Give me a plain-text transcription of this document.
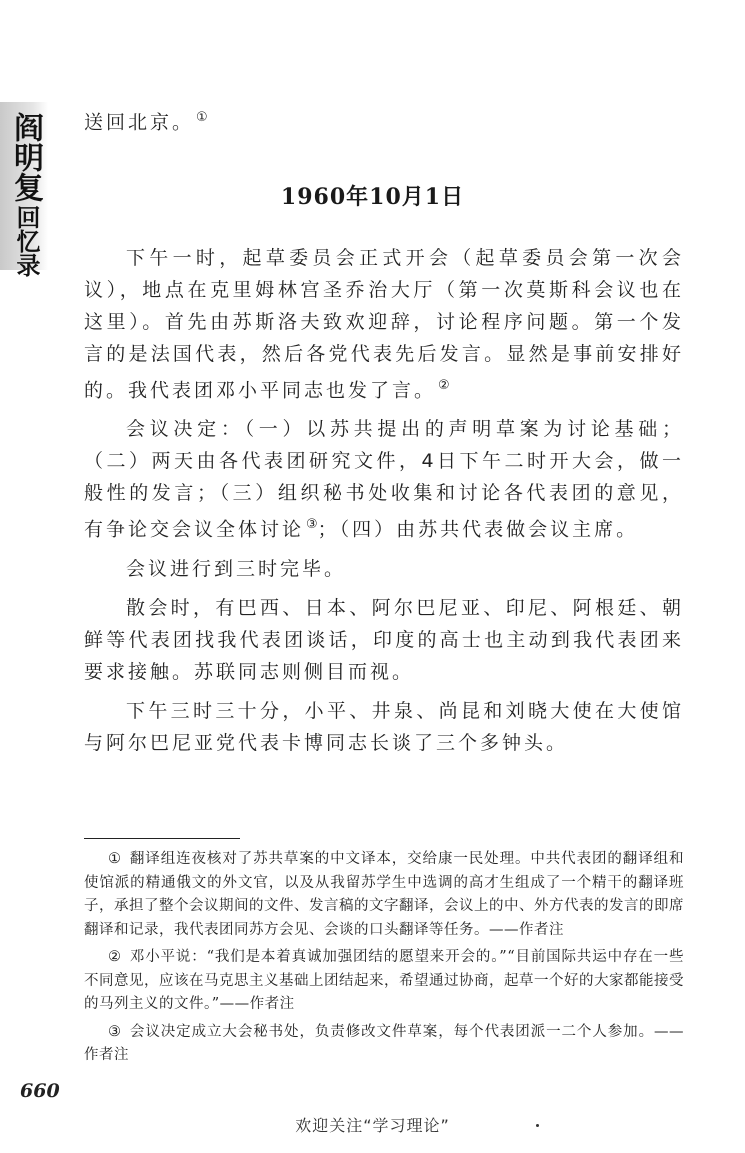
阎明复
回忆录
送回北京。 ①
1960年10月1日

下午一时，起草委员会正式开会（起草委员会第一次会议），地点在克里姆林宫圣乔治大厅（第一次莫斯科会议也在这里）。首先由苏斯洛夫致欢迎辞，讨论程序问题。第一个发言的是法国代表，然后各党代表先后发言。显然是事前安排好的。我代表团邓小平同志也发了言。 ②

会议决定：（一）以苏共提出的声明草案为讨论基础；（二）两天由各代表团研究文件，4日下午二时开大会，做一般性的发言；（三）组织秘书处收集和讨论各代表团的意见，有争论交会议全体讨论 ③；（四）由苏共代表做会议主席。

会议进行到三时完毕。

散会时，有巴西、日本、阿尔巴尼亚、印尼、阿根廷、朝鲜等代表团找我代表团谈话，印度的高士也主动到我代表团来要求接触。苏联同志则侧目而视。

下午三时三十分，小平、井泉、尚昆和刘晓大使在大使馆与阿尔巴尼亚党代表卡博同志长谈了三个多钟头。

① 翻译组连夜核对了苏共草案的中文译本，交给康一民处理。中共代表团的翻译组和使馆派的精通俄文的外文官，以及从我留苏学生中选调的高才生组成了一个精干的翻译班子，承担了整个会议期间的文件、发言稿的文字翻译，会议上的中、外方代表的发言的即席翻译和记录，我代表团同苏方会见、会谈的口头翻译等任务。——作者注

② 邓小平说：“我们是本着真诚加强团结的愿望来开会的。”“目前国际共运中存在一些不同意见，应该在马克思主义基础上团结起来，希望通过协商，起草一个好的大家都能接受的马列主义的文件。”——作者注

③ 会议决定成立大会秘书处，负责修改文件草案，每个代表团派一二个人参加。——作者注

660
欢迎关注“学习理论”
